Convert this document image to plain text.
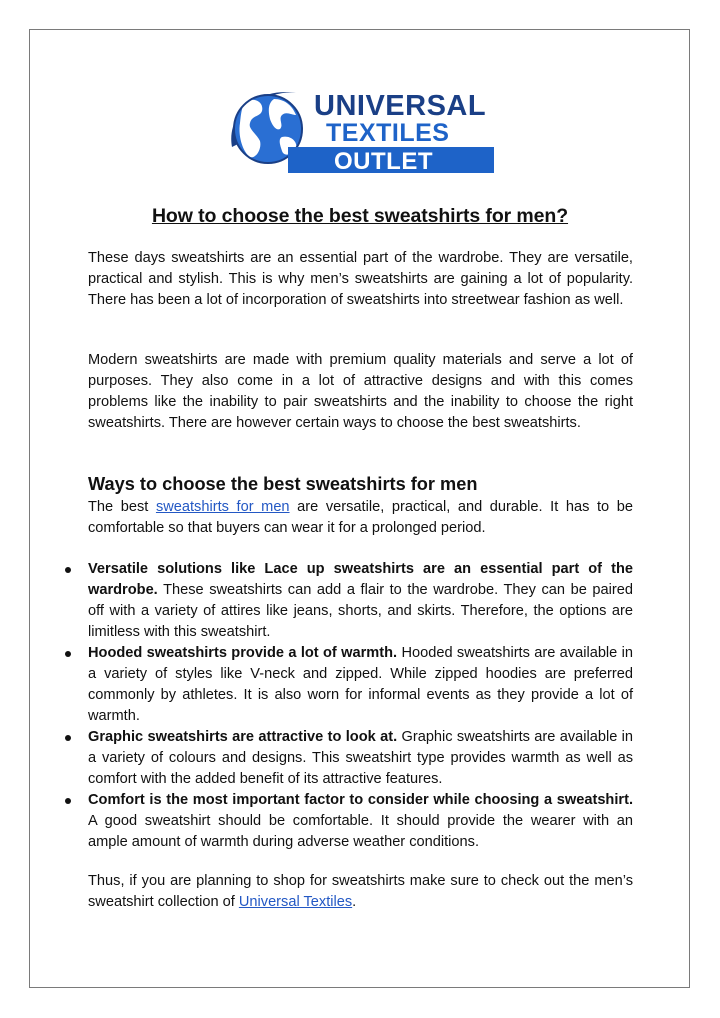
UNIVERSAL
TEXTILES
OUTLET
How to choose the best sweatshirts for men?

These days sweatshirts are an essential part of the wardrobe. They are versatile, practical and stylish. This is why men’s sweatshirts are gaining a lot of popularity. There has been a lot of incorporation of sweatshirts into streetwear fashion as well.

Modern sweatshirts are made with premium quality materials and serve a lot of purposes. They also come in a lot of attractive designs and with this comes problems like the inability to pair sweatshirts and the inability to choose the right sweatshirts. There are however certain ways to choose the best sweatshirts.

Ways to choose the best sweatshirts for men

The best sweatshirts for men are versatile, practical, and durable. It has to be comfortable so that buyers can wear it for a prolonged period.

Versatile solutions like Lace up sweatshirts are an essential part of the wardrobe. These sweatshirts can add a flair to the wardrobe. They can be paired off with a variety of attires like jeans, shorts, and skirts. Therefore, the options are limitless with this sweatshirt.
Hooded sweatshirts provide a lot of warmth. Hooded sweatshirts are available in a variety of styles like V-neck and zipped. While zipped hoodies are preferred commonly by athletes. It is also worn for informal events as they provide a lot of warmth.
Graphic sweatshirts are attractive to look at. Graphic sweatshirts are available in a variety of colours and designs. This sweatshirt type provides warmth as well as comfort with the added benefit of its attractive features.
Comfort is the most important factor to consider while choosing a sweatshirt. A good sweatshirt should be comfortable. It should provide the wearer with an ample amount of warmth during adverse weather conditions.

Thus, if you are planning to shop for sweatshirts make sure to check out the men’s sweatshirt collection of Universal Textiles.
